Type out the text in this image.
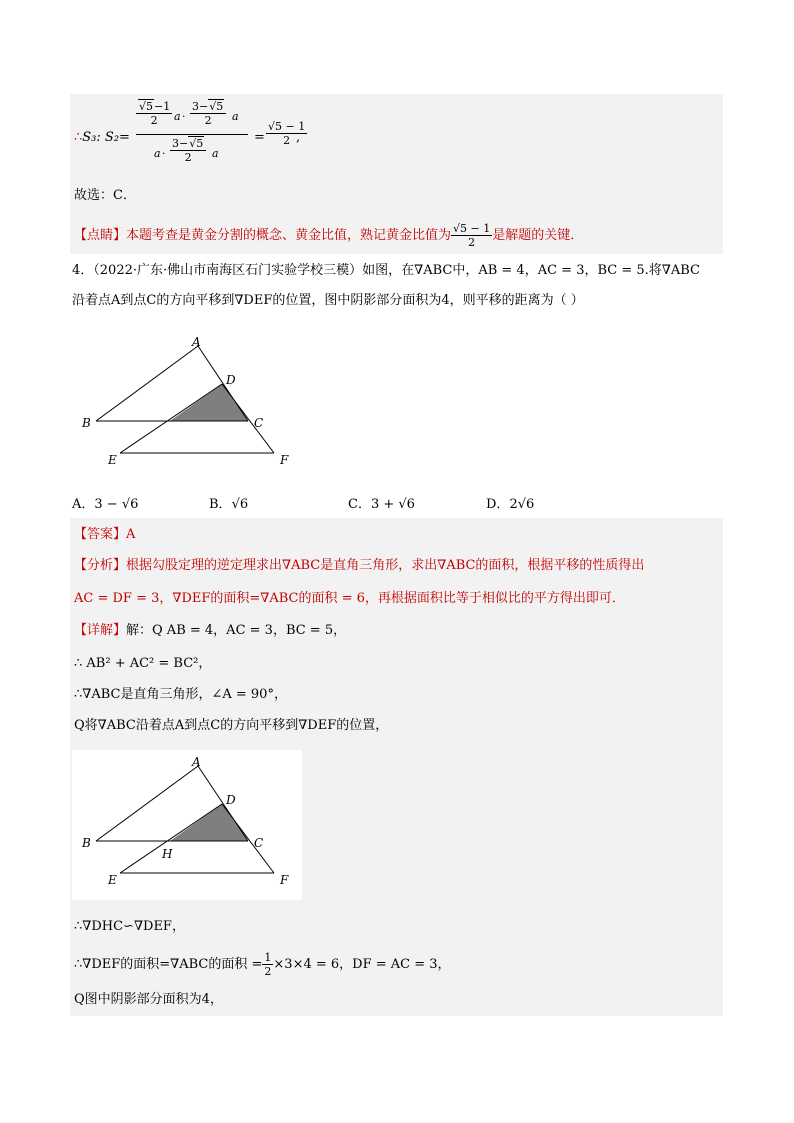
∴S₃: S₂=
$\frac{√5-1}{2}$ $a \cdot \frac{3-√5}{2}$ a
$a \cdot \frac{3-√5}{2}$ a
= $\frac{√5 - 1}{2}$
,
故选：C．
【点睛】本题考查是黄金分割的概念、黄金比值，熟记黄金比值为 $\frac{√5 - 1}{2}$ 是解题的关键．
4．（2022·广东·佛山市南海区石门实验学校三模）如图，在∇ABC中，AB = 4，AC = 3，BC = 5.将∇ABC
沿着点A到点C的方向平移到∇DEF的位置，图中阴影部分面积为4，则平移的距离为（ ）
A
D
B	C
E	F
A．3 − √6	B．√6	C．3 + √6	D．2√6
【答案】A
【分析】根据勾股定理的逆定理求出∇ABC是直角三角形，求出∇ABC的面积，根据平移的性质得出
AC = DF = 3，∇DEF的面积=∇ABC的面积 = 6，再根据面积比等于相似比的平方得出即可．
【详解】解：Q AB = 4，AC = 3，BC = 5，
∴ AB² + AC² = BC²，
∴∇ABC是直角三角形，∠A = 90°，
Q将∇ABC沿着点A到点C的方向平移到∇DEF的位置，
A
D
B
H
C
E	F
∴∇DHC∽∇DEF，
∴∇DEF的面积=∇ABC的面积 = $\frac{1}{2} \times 3\times 4 = 6$，DF = AC = 3，
Q图中阴影部分面积为4，
